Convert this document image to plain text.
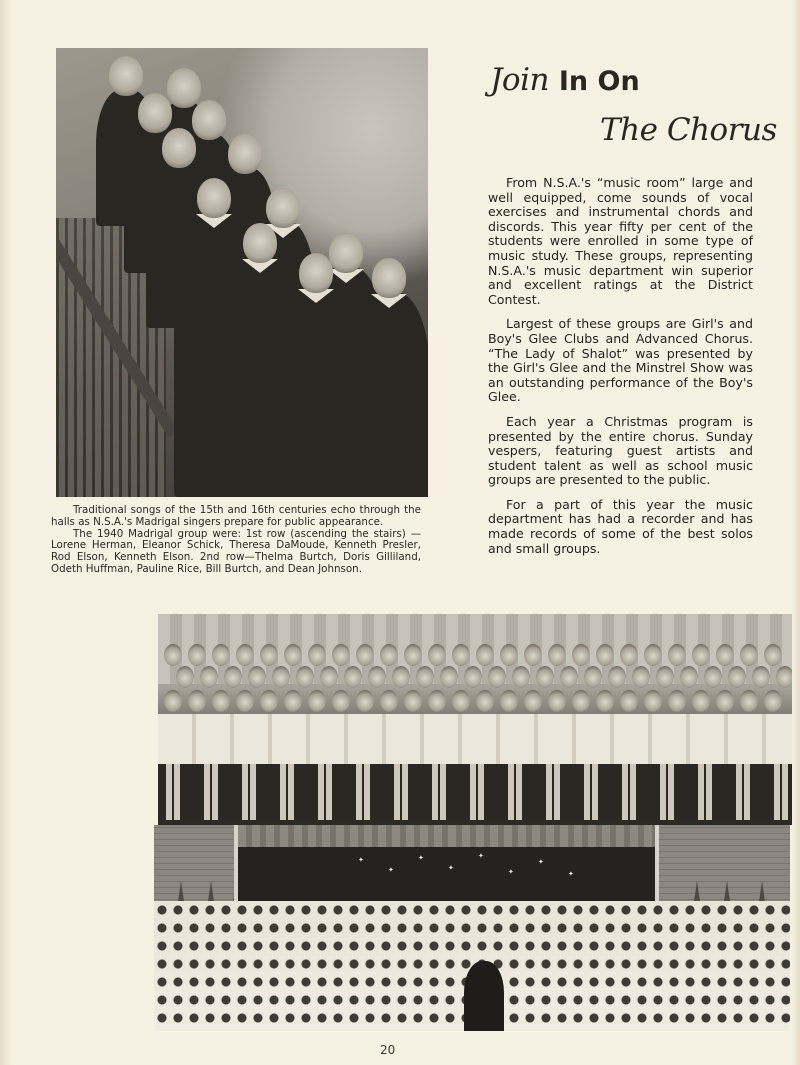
Join In On
The Chorus

From N.S.A.'s “music room” large and well equipped, come sounds of vocal exercises and instrumental chords and discords. This year fifty per cent of the students were enrolled in some type of music study. These groups, representing N.S.A.'s music department win superior and excellent ratings at the District Contest.

Largest of these groups are Girl's and Boy's Glee Clubs and Advanced Chorus. “The Lady of Shalot” was presented by the Girl's Glee and the Minstrel Show was an outstanding performance of the Boy's Glee.

Each year a Christmas program is presented by the entire chorus. Sunday vespers, featuring guest artists and student talent as well as school music groups are presented to the public.

For a part of this year the music department has had a recorder and has made records of some of the best solos and small groups.

Traditional songs of the 15th and 16th centuries echo through the halls as N.S.A.'s Madrigal singers prepare for public appearance.

The 1940 Madrigal group were: 1st row (ascending the stairs) —Lorene Herman, Eleanor Schick, Theresa DaMoude, Kenneth Presler, Rod Elson, Kenneth Elson. 2nd row—Thelma Burtch, Doris Gilliland, Odeth Huffman, Pauline Rice, Bill Burtch, and Dean Johnson.

✦
✦
✦
✦
✦
✦
✦
✦
20
